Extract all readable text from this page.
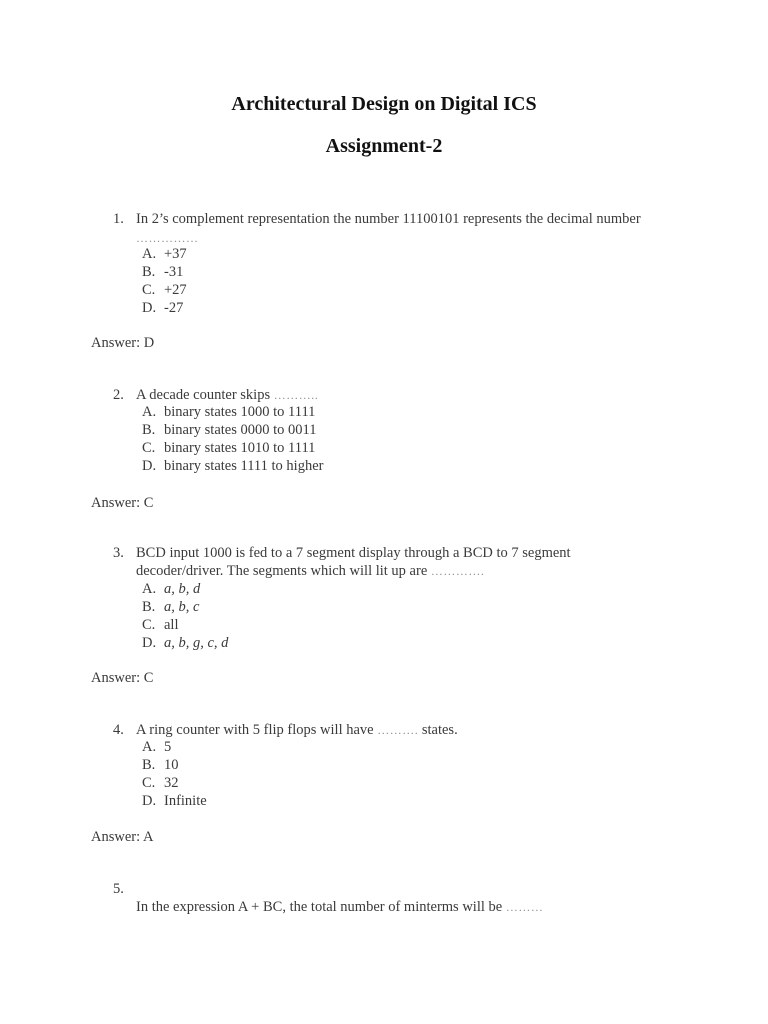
Architectural Design on Digital ICS
Assignment-2
1. In 2’s complement representation the number 11100101 represents the decimal number
……………
A. +37
B. -31
C. +27
D. -27
Answer: D
2. A decade counter skips ………..
A. binary states 1000 to 1111
B. binary states 0000 to 0011
C. binary states 1010 to 1111
D. binary states 1111 to higher
Answer: C
3. BCD input 1000 is fed to a 7 segment display through a BCD to 7 segment
decoder/driver. The segments which will lit up are ………….
A. a, b, d
B. a, b, c
C. all
D. a, b, g, c, d
Answer: C
4. A ring counter with 5 flip flops will have ………. states.
A. 5
B. 10
C. 32
D. Infinite
Answer: A
5.
In the expression A + BC, the total number of minterms will be ………
